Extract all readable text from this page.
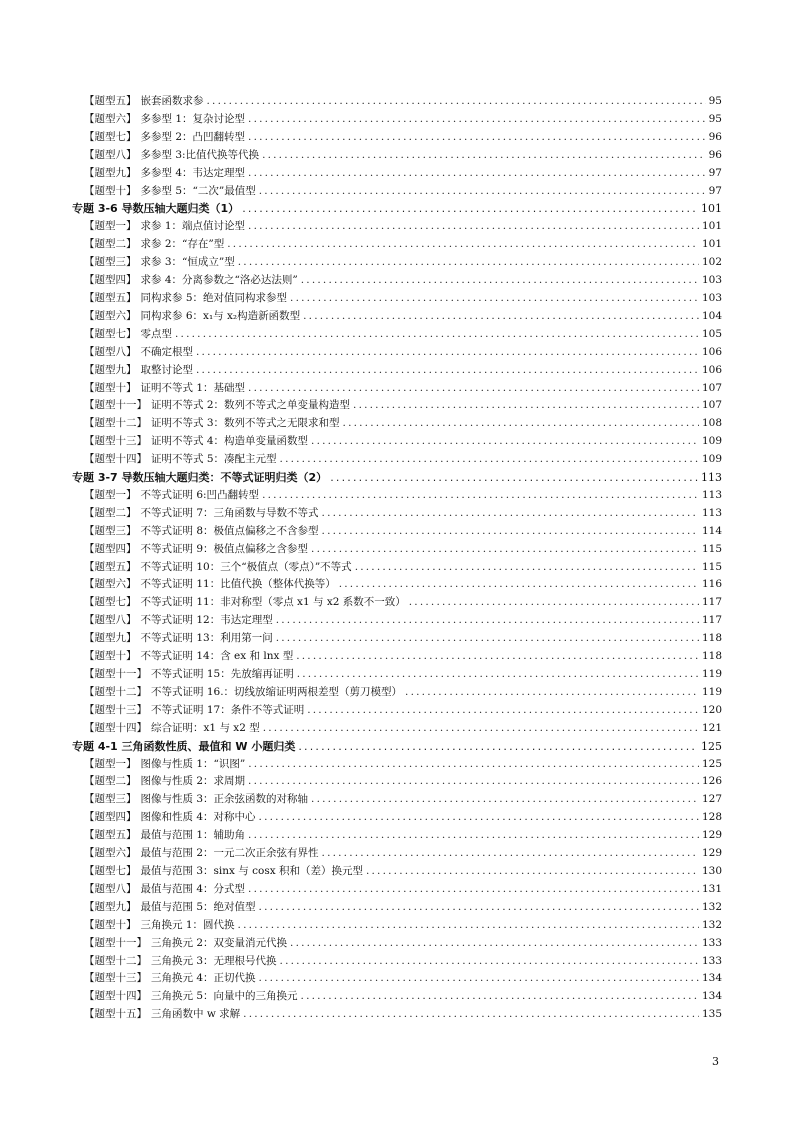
【题型五】 嵌套函数求参 .....	95
【题型六】 多参型 1：复杂讨论型 .....	95
【题型七】 多参型 2：凸凹翻转型 .....	96
【题型八】 多参型 3:比值代换等代换 .....	96
【题型九】 多参型 4：韦达定理型 .....	97
【题型十】 多参型 5：“二次”最值型 .....	97
专题 3-6 导数压轴大题归类（1） .....	101
【题型一】 求参 1：端点值讨论型 .....	101
【题型二】 求参 2：“存在”型 .....	101
【题型三】 求参 3：“恒成立”型 .....	102
【题型四】 求参 4：分离参数之“洛必达法则” .....	103
【题型五】 同构求参 5：绝对值同构求参型 .....	103
【题型六】 同构求参 6：x₁与 x₂构造新函数型 .....	104
【题型七】 零点型 .....	105
【题型八】 不确定根型 .....	106
【题型九】 取整讨论型 .....	106
【题型十】 证明不等式 1：基础型 .....	107
【题型十一】 证明不等式 2：数列不等式之单变量构造型 .....	107
【题型十二】 证明不等式 3：数列不等式之无限求和型 .....	108
【题型十三】 证明不等式 4：构造单变量函数型 .....	109
【题型十四】 证明不等式 5：凑配主元型 .....	109
专题 3-7 导数压轴大题归类：不等式证明归类（2） .....	113
【题型一】 不等式证明 6:凹凸翻转型 .....	113
【题型二】 不等式证明 7：三角函数与导数不等式 .....	113
【题型三】 不等式证明 8：极值点偏移之不含参型 .....	114
【题型四】 不等式证明 9：极值点偏移之含参型 .....	115
【题型五】 不等式证明 10：三个“极值点（零点）”不等式 .....	115
【题型六】 不等式证明 11：比值代换（整体代换等） .....	116
【题型七】 不等式证明 11：非对称型（零点 x1 与 x2 系数不一致） .....	117
【题型八】 不等式证明 12：韦达定理型 .....	117
【题型九】 不等式证明 13：利用第一问 .....	118
【题型十】 不等式证明 14：含 ex 和 lnx 型 .....	118
【题型十一】 不等式证明 15：先放缩再证明 .....	119
【题型十二】 不等式证明 16.：切线放缩证明两根差型（剪刀模型） .....	119
【题型十三】 不等式证明 17：条件不等式证明 .....	120
【题型十四】 综合证明：x1 与 x2 型 .....	121
专题 4-1 三角函数性质、最值和 W 小题归类 .....	125
【题型一】 图像与性质 1：“识图” .....	125
【题型二】 图像与性质 2：求周期 .....	126
【题型三】 图像与性质 3：正余弦函数的对称轴 .....	127
【题型四】 图像和性质 4：对称中心 .....	128
【题型五】 最值与范围 1：辅助角 .....	129
【题型六】 最值与范围 2：一元二次正余弦有界性 .....	129
【题型七】 最值与范围 3：sinx 与 cosx 积和（差）换元型 .....	130
【题型八】 最值与范围 4：分式型 .....	131
【题型九】 最值与范围 5：绝对值型 .....	132
【题型十】 三角换元 1：圆代换 .....	132
【题型十一】 三角换元 2：双变量消元代换 .....	133
【题型十二】 三角换元 3：无理根号代换 .....	133
【题型十三】 三角换元 4：正切代换 .....	134
【题型十四】 三角换元 5：向量中的三角换元 .....	134
【题型十五】 三角函数中 w 求解 .....	135
3
